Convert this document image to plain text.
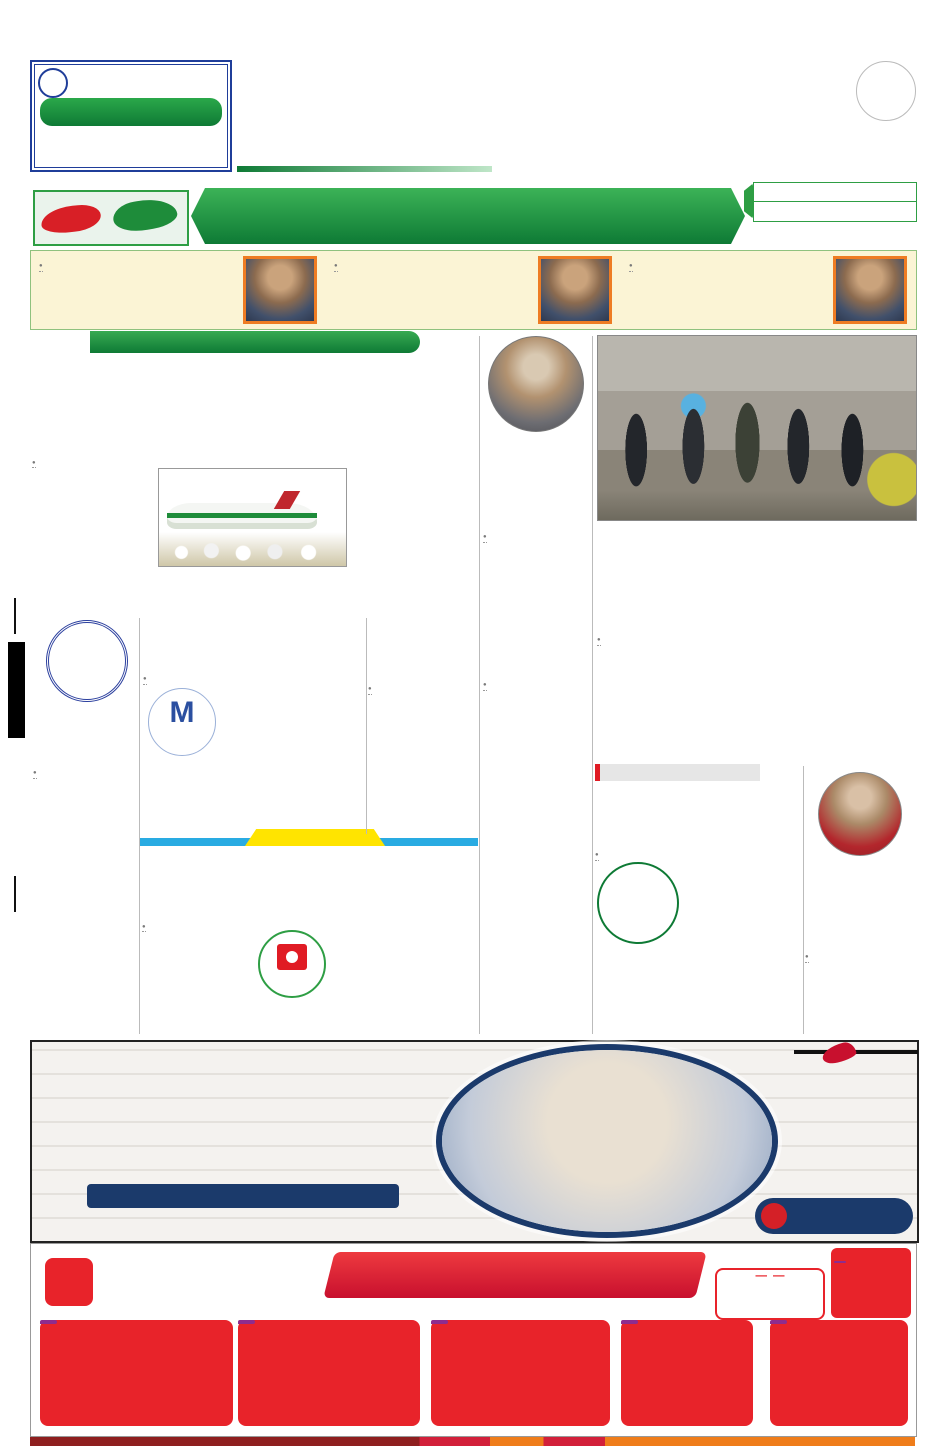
●
●
●
●
●
●
●
●
M
●
●
●
●
●
— —
